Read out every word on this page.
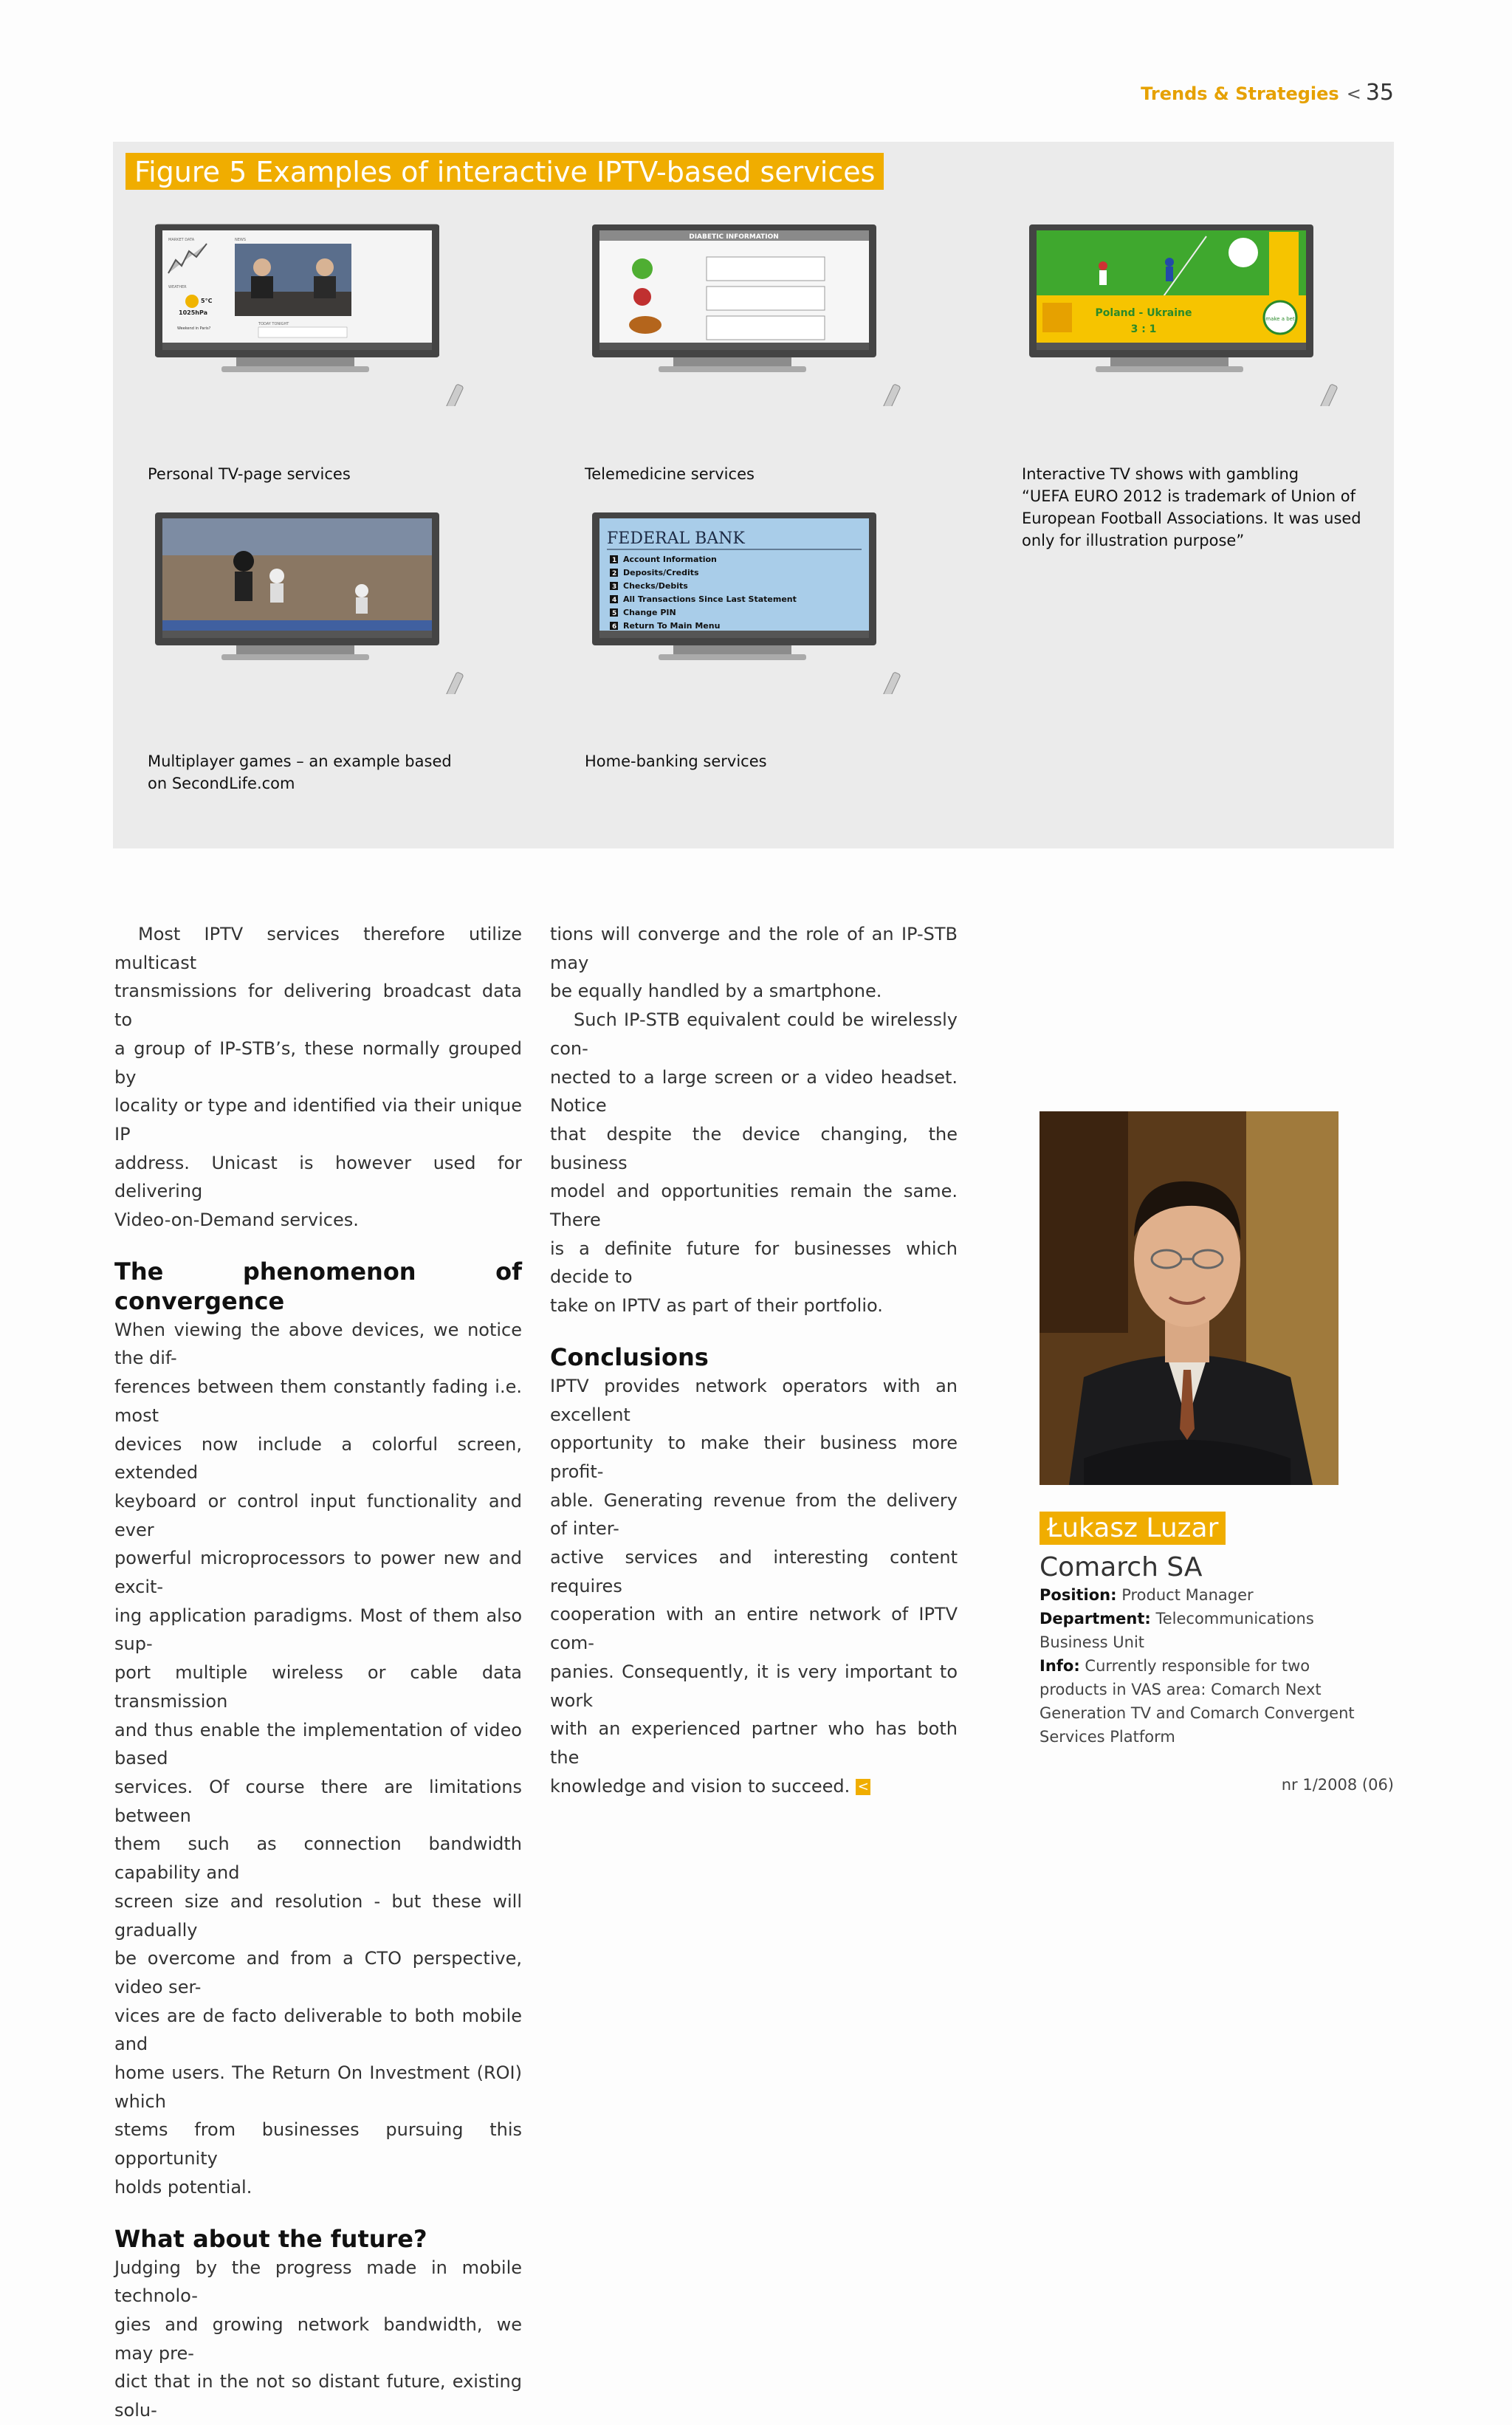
Trends & Strategies < 35
Figure 5 Examples of interactive IPTV-based services
MARKET DATA	NEWS
WEATHER
5°C
1025hPa
Weekend in Paris?
TODAY TONIGHT
Personal TV-page services
DIABETIC INFORMATION
Telemedicine services
Poland - Ukraine
3 : 1
make a bet
Interactive TV shows with gambling
“UEFA EURO 2012 is trademark of Union of
European Football Associations. It was used
only for illustration purpose”
Multiplayer games – an example based
on SecondLife.com
FEDERAL BANK
1 Account Information
2 Deposits/Credits
3 Checks/Debits
4 All Transactions Since Last Statement
5 Change PIN
6 Return To Main Menu
Home-banking services

Most IPTV services therefore utilize multicast
transmissions for delivering broadcast data to
a group of IP-STB’s, these normally grouped by
locality or type and identified via their unique IP
address. Unicast is however used for delivering
Video-on-Demand services.

The phenomenon of convergence

When viewing the above devices, we notice the dif-
ferences between them constantly fading i.e. most
devices now include a colorful screen, extended
keyboard or control input functionality and ever
powerful microprocessors to power new and excit-
ing application paradigms. Most of them also sup-
port multiple wireless or cable data transmission
and thus enable the implementation of video based
services. Of course there are limitations between
them such as connection bandwidth capability and
screen size and resolution - but these will gradually
be overcome and from a CTO perspective, video ser-
vices are de facto deliverable to both mobile and
home users. The Return On Investment (ROI) which
stems from businesses pursuing this opportunity
holds potential.

What about the future?

Judging by the progress made in mobile technolo-
gies and growing network bandwidth, we may pre-
dict that in the not so distant future, existing solu-

tions will converge and the role of an IP-STB may
be equally handled by a smartphone.

Such IP-STB equivalent could be wirelessly con-
nected to a large screen or a video headset. Notice
that despite the device changing, the business
model and opportunities remain the same. There
is a definite future for businesses which decide to
take on IPTV as part of their portfolio.

Conclusions

IPTV provides network operators with an excellent
opportunity to make their business more profit-
able. Generating revenue from the delivery of inter-
active services and interesting content requires
cooperation with an entire network of IPTV com-
panies. Consequently, it is very important to work
with an experienced partner who has both the
knowledge and vision to succeed. <

Łukasz Luzar
Comarch SA
Position: Product Manager
Department: Telecommunications
Business Unit
Info: Currently responsible for two
products in VAS area: Comarch Next
Generation TV and Comarch Convergent
Services Platform
nr 1/2008 (06)
